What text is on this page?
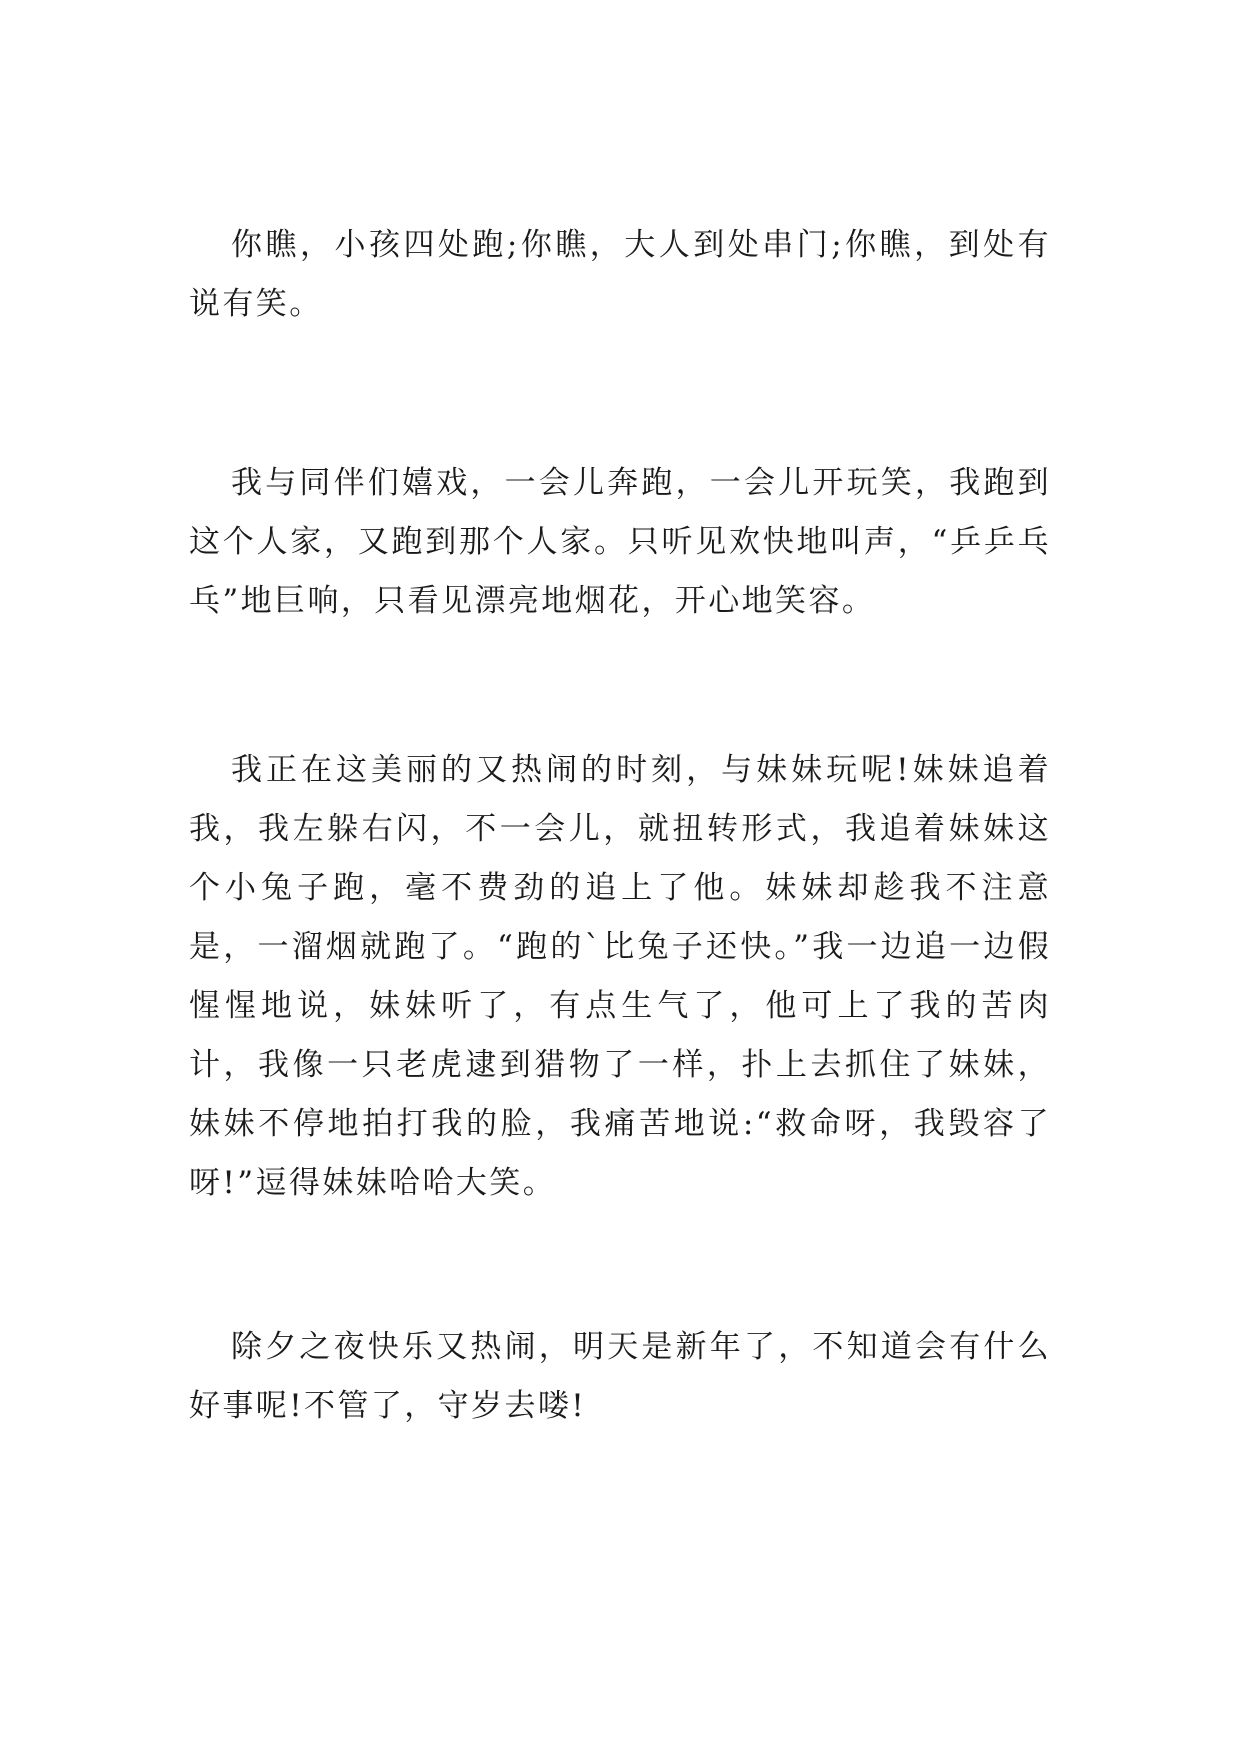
你瞧，小孩四处跑;你瞧，大人到处串门;你瞧，到处有说有笑。

我与同伴们嬉戏，一会儿奔跑，一会儿开玩笑，我跑到这个人家，又跑到那个人家。只听见欢快地叫声，“乒乒乓乓”地巨响，只看见漂亮地烟花，开心地笑容。

我正在这美丽的又热闹的时刻，与妹妹玩呢!妹妹追着我，我左躲右闪，不一会儿，就扭转形式，我追着妹妹这个小兔子跑，毫不费劲的追上了他。妹妹却趁我不注意是，一溜烟就跑了。“跑的`比兔子还快。”我一边追一边假惺惺地说，妹妹听了，有点生气了，他可上了我的苦肉计，我像一只老虎逮到猎物了一样，扑上去抓住了妹妹，妹妹不停地拍打我的脸，我痛苦地说:“救命呀，我毁容了呀!”逗得妹妹哈哈大笑。

除夕之夜快乐又热闹，明天是新年了，不知道会有什么好事呢!不管了，守岁去喽!
